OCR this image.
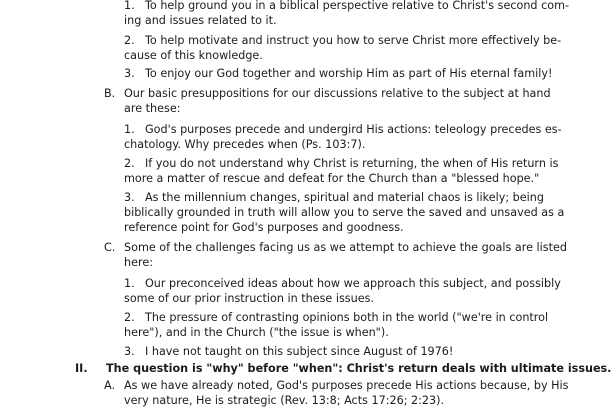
1. To help ground you in a biblical perspective relative to Christ's second com-
ing and issues related to it.
2. To help motivate and instruct you how to serve Christ more effectively be-
cause of this knowledge.
3. To enjoy our God together and worship Him as part of His eternal family!
B. Our basic presuppositions for our discussions relative to the subject at hand
are these:
1. God's purposes precede and undergird His actions: teleology precedes es-
chatology. Why precedes when (Ps. 103:7).
2. If you do not understand why Christ is returning, the when of His return is
more a matter of rescue and defeat for the Church than a "blessed hope."
3. As the millennium changes, spiritual and material chaos is likely; being
biblically grounded in truth will allow you to serve the saved and unsaved as a
reference point for God's purposes and goodness.
C. Some of the challenges facing us as we attempt to achieve the goals are listed
here:
1. Our preconceived ideas about how we approach this subject, and possibly
some of our prior instruction in these issues.
2. The pressure of contrasting opinions both in the world ("we're in control
here"), and in the Church ("the issue is when").
3. I have not taught on this subject since August of 1976!
II. The question is "why" before "when": Christ's return deals with ultimate issues.
A. As we have already noted, God's purposes precede His actions because, by His
very nature, He is strategic (Rev. 13:8; Acts 17:26; 2:23).
